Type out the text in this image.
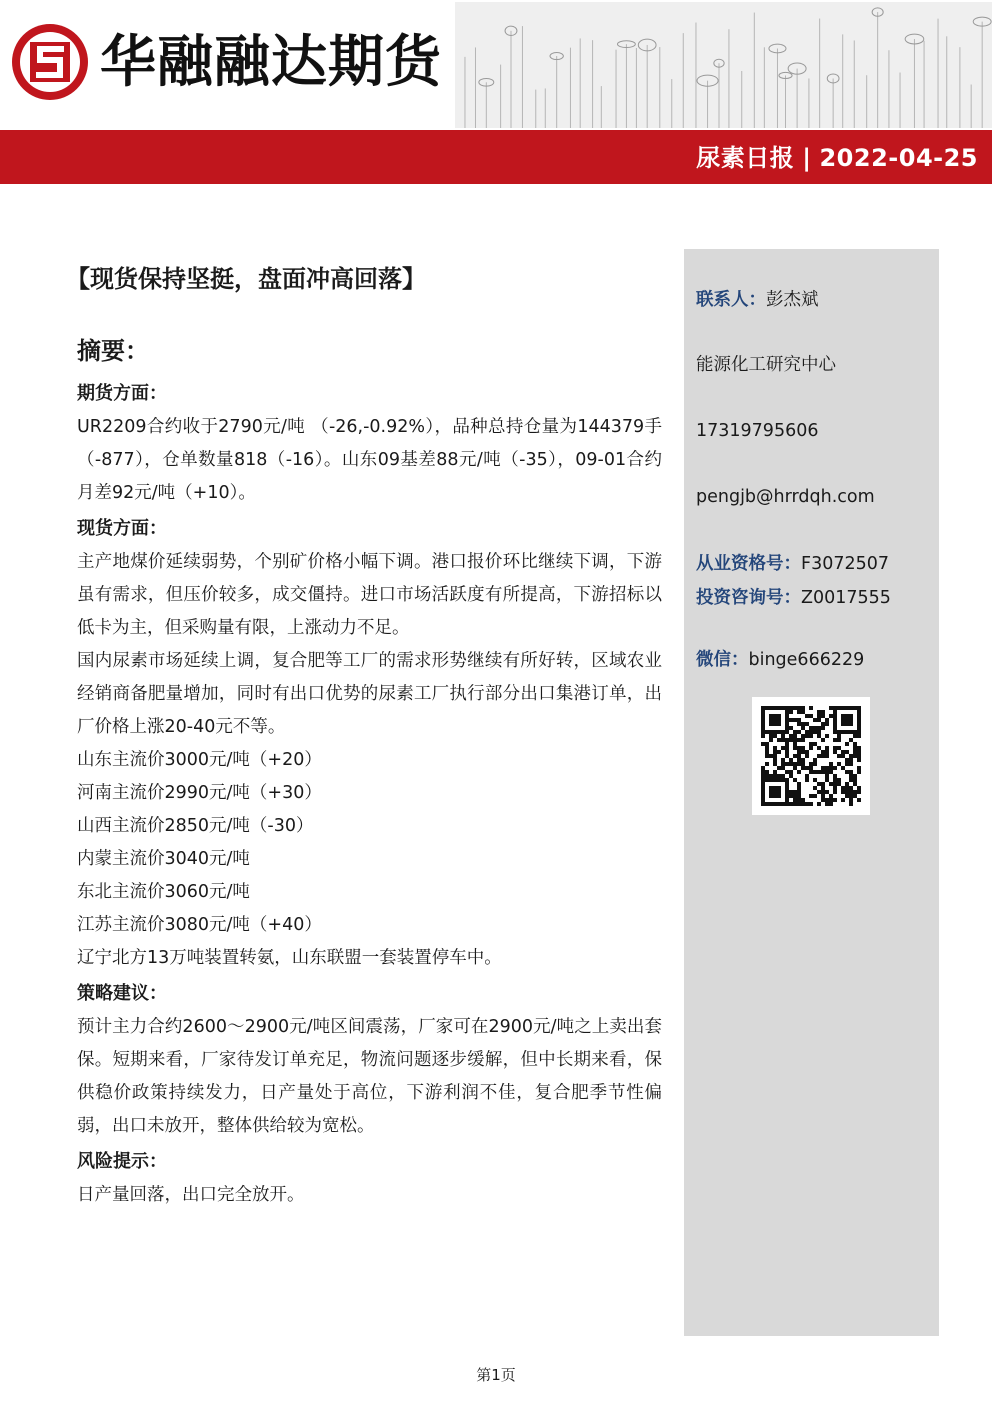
华融融达期货
尿素日报 | 2022-04-25
【现货保持坚挺，盘面冲高回落】
摘要：
期货方面：
UR2209合约收于2790元/吨 （-26,-0.92%），品种总持仓量为144379手（-877），仓单数量818（-16）。山东09基差88元/吨（-35），09-01合约月差92元/吨（+10）。
现货方面：
主产地煤价延续弱势，个别矿价格小幅下调。港口报价环比继续下调，下游虽有需求，但压价较多，成交僵持。进口市场活跃度有所提高，下游招标以低卡为主，但采购量有限，上涨动力不足。
国内尿素市场延续上调，复合肥等工厂的需求形势继续有所好转，区域农业经销商备肥量增加，同时有出口优势的尿素工厂执行部分出口集港订单，出厂价格上涨20-40元不等。
山东主流价3000元/吨（+20）
河南主流价2990元/吨（+30）
山西主流价2850元/吨（-30）
内蒙主流价3040元/吨
东北主流价3060元/吨
江苏主流价3080元/吨（+40）
辽宁北方13万吨装置转氨，山东联盟一套装置停车中。
策略建议：
预计主力合约2600～2900元/吨区间震荡，厂家可在2900元/吨之上卖出套保。短期来看，厂家待发订单充足，物流问题逐步缓解，但中长期来看，保供稳价政策持续发力，日产量处于高位，下游利润不佳，复合肥季节性偏弱，出口未放开，整体供给较为宽松。
风险提示：
日产量回落，出口完全放开。
联系人：彭杰斌
能源化工研究中心
17319795606
pengjb@hrrdqh.com
从业资格号：F3072507
投资咨询号：Z0017555
微信：binge666229
第1页
